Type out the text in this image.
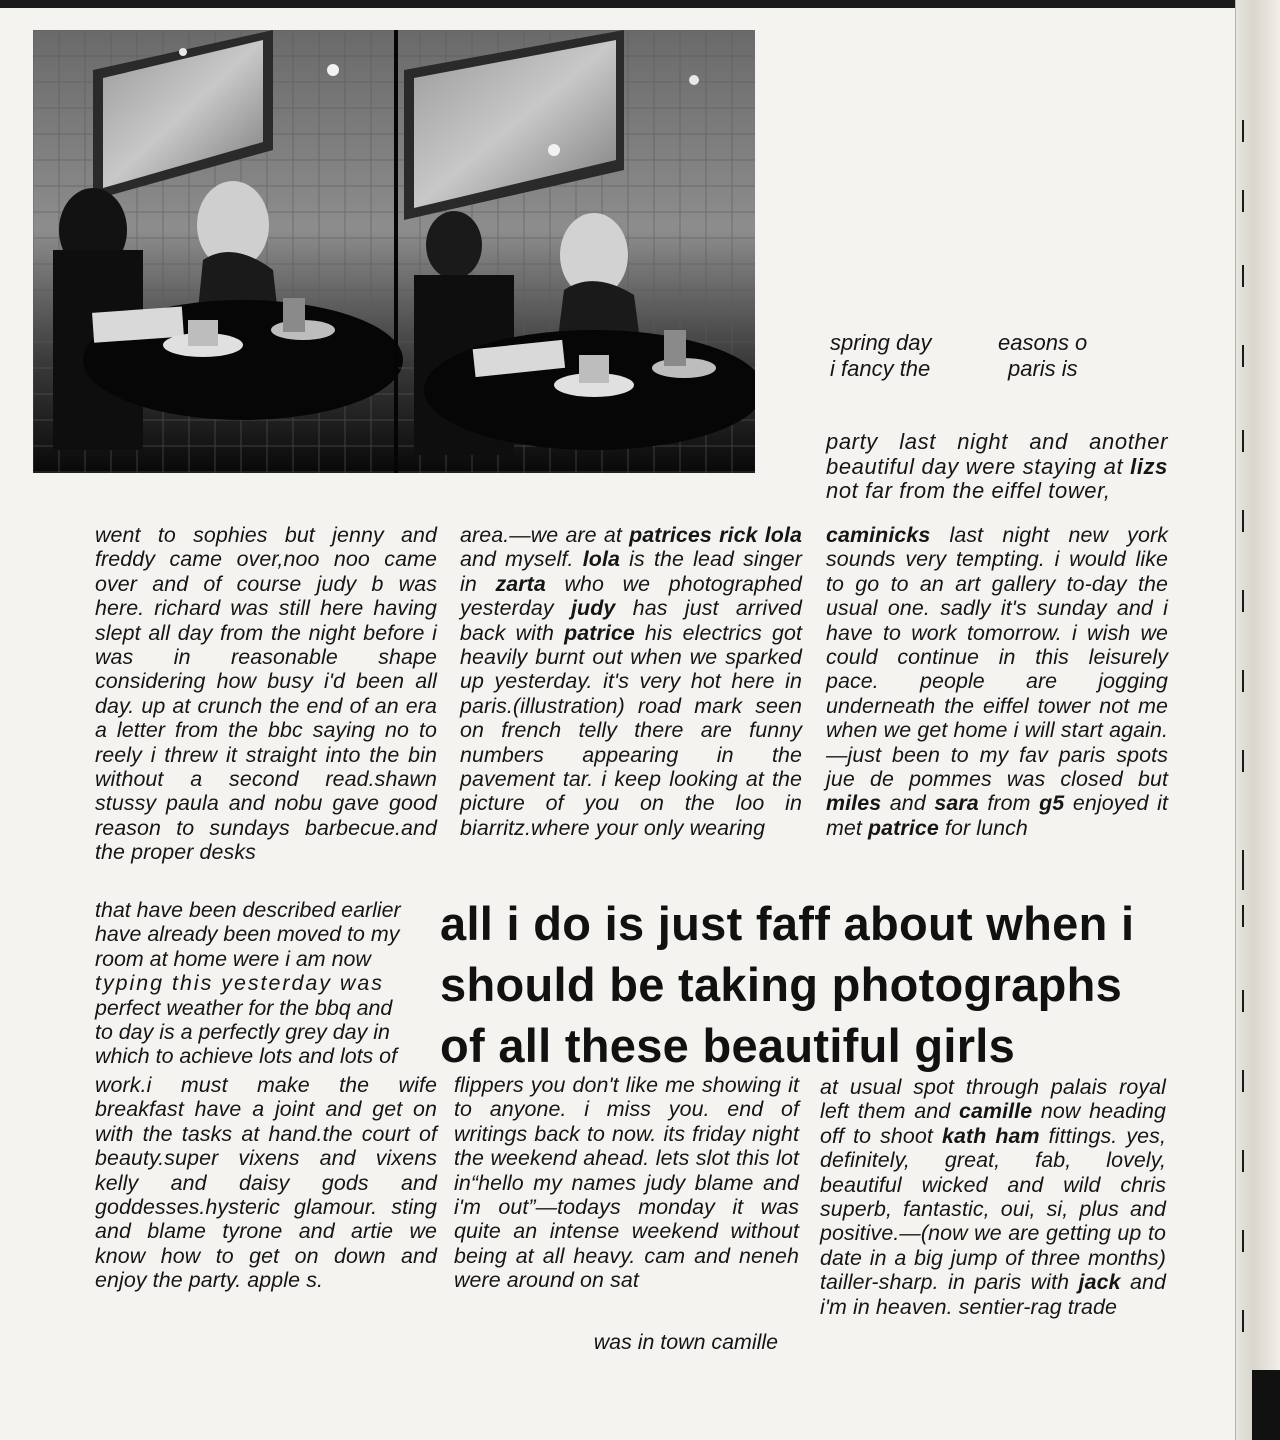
spring day
i fancy the
easons o
paris is
party last night and another beautiful day were staying at lizs not far from the eiffel tower,
went to sophies but jenny and freddy came over,noo noo came over and of course judy b was here. richard was still here having slept all day from the night before i was in reasonable shape considering how busy i'd been all day. up at crunch the end of an era a letter from the bbc saying no to reely i threw it straight into the bin without a second read.shawn stussy paula and nobu gave good reason to sundays barbecue.and the proper desks
that have been described earlier
have already been moved to my
room at home were i am now
typing this yesterday was
perfect weather for the bbq and
to day is a perfectly grey day in
which to achieve lots and lots of
work.i must make the wife breakfast have a joint and get on with the tasks at hand.the court of beauty.super vixens and vixens kelly and daisy gods and goddesses.hysteric glamour. sting and blame tyrone and artie we know how to get on down and enjoy the party. apple s.
area.—we are at patrices rick lola and myself. lola is the lead singer in zarta who we photographed yesterday judy has just arrived back with patrice his electrics got heavily burnt out when we sparked up yesterday. it's very hot here in paris.(illustration) road mark seen on french telly there are funny numbers appearing in the pavement tar. i keep looking at the picture of you on the loo in biarritz.where your only wearing
flippers you don't like me showing it to anyone. i miss you. end of writings back to now. its friday night the weekend ahead. lets slot this lot in“hello my names judy blame and i'm out”—todays monday it was quite an intense weekend without being at all heavy. cam and neneh were around on sat
was in town camille
caminicks last night new york sounds very tempting. i would like to go to an art gallery to-day the usual one. sadly it's sunday and i have to work tomorrow. i wish we could continue in this leisurely pace. people are jogging underneath the eiffel tower not me when we get home i will start again.—just been to my fav paris spots jue de pommes was closed but miles and sara from g5 enjoyed it met patrice for lunch
at usual spot through palais royal left them and camille now heading off to shoot kath ham fittings. yes, definitely, great, fab, lovely, beautiful wicked and wild chris superb, fantastic, oui, si, plus and positive.—(now we are getting up to date in a big jump of three months) tailler-sharp. in paris with jack and i'm in heaven. sentier-rag trade
all i do is just faff about when i
should be taking photographs
of all these beautiful girls
